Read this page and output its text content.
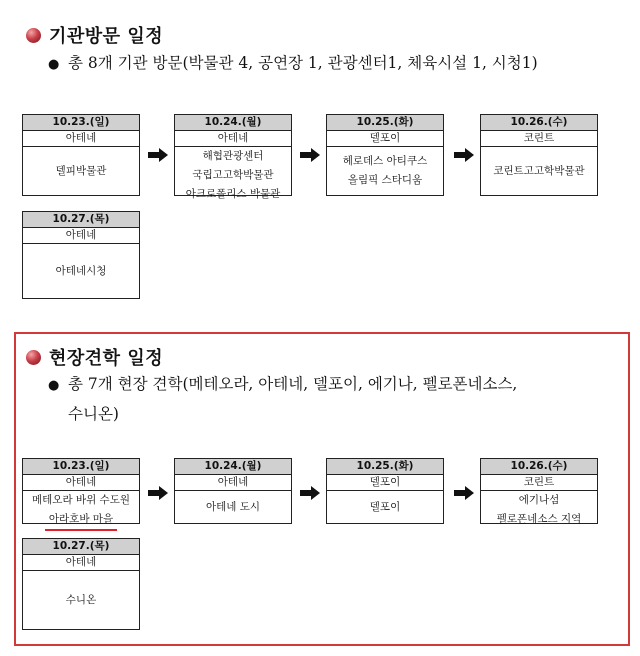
기관방문 일정
● 총 8개 기관 방문(박물관 4, 공연장 1, 관광센터1, 체육시설 1, 시청1)
10.23.(일)
아테네
델피박물관
10.24.(월)
아테네
해협관광센터
국립고고학박물관
아크로폴리스 박물관
10.25.(화)
델포이
헤로데스 아티쿠스
올림픽 스타디움
10.26.(수)
코린트
코린트고고학박물관
10.27.(목)
아테네
아테네시청
현장견학 일정
● 총 7개 현장 견학(메테오라, 아테네, 델포이, 에기나, 펠로폰네소스,
수니온)
10.23.(일)
아테네
메테오라 바위 수도원
아라호바 마을
10.24.(월)
아테네
아테네 도시
10.25.(화)
델포이
델포이
10.26.(수)
코린트
에기나섬
펠로폰네소스 지역
10.27.(목)
아테네
수니온
